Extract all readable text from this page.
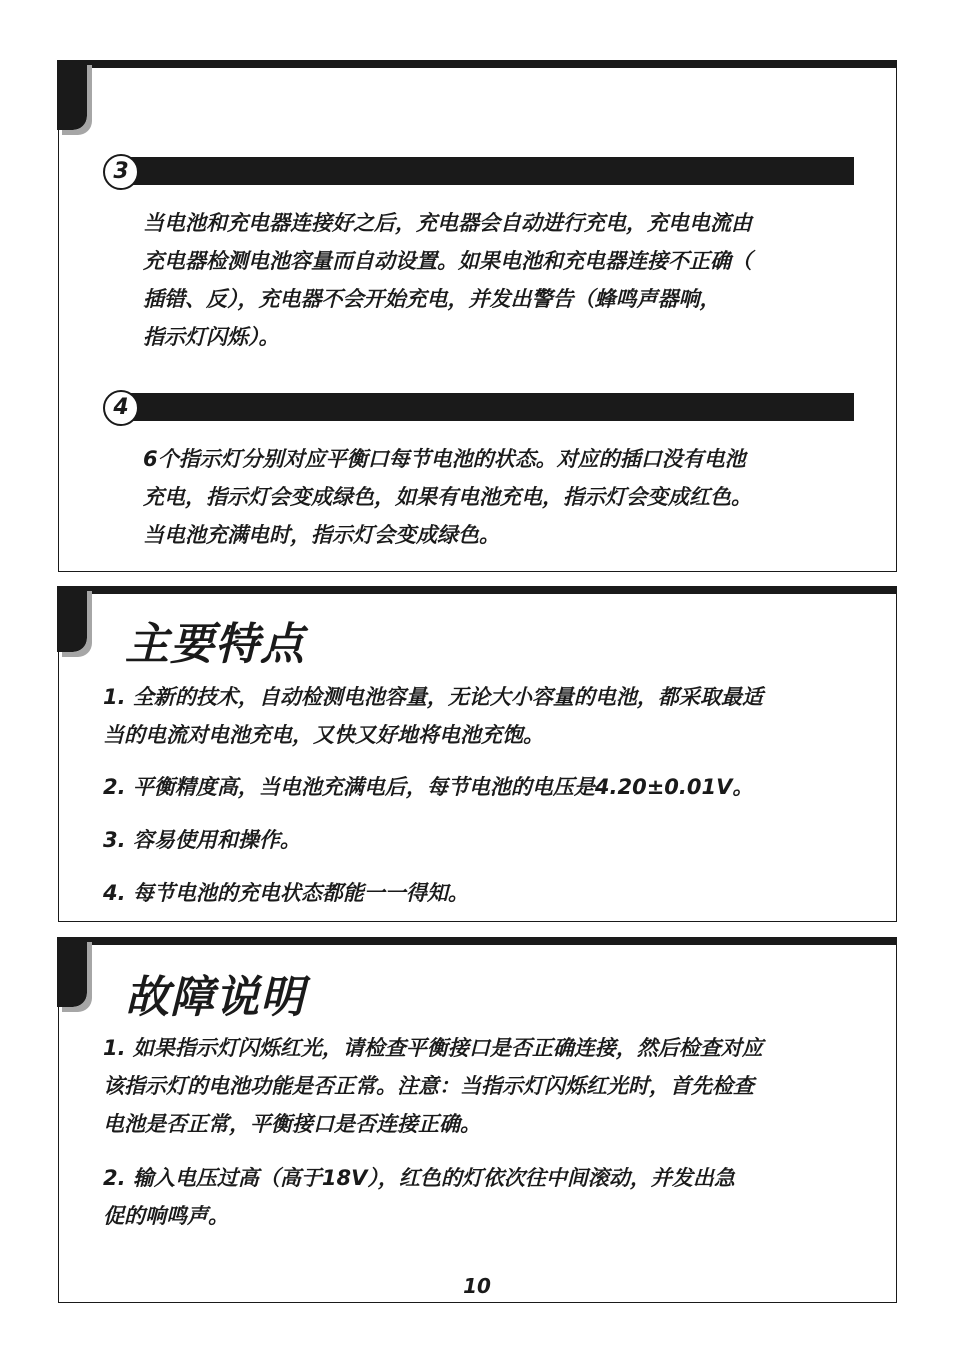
3
当电池和充电器连接好之后，充电器会自动进行充电，充电电流由
充电器检测电池容量而自动设置。如果电池和充电器连接不正确（
插错、反），充电器不会开始充电，并发出警告（蜂鸣声器响，
指示灯闪烁）。
4
6个指示灯分别对应平衡口每节电池的状态。对应的插口没有电池
充电，指示灯会变成绿色，如果有电池充电，指示灯会变成红色。
当电池充满电时，指示灯会变成绿色。
主要特点
1. 全新的技术，自动检测电池容量，无论大小容量的电池，都采取最适
当的电流对电池充电，又快又好地将电池充饱。
2. 平衡精度高，当电池充满电后，每节电池的电压是4.20±0.01V。
3. 容易使用和操作。
4. 每节电池的充电状态都能一一得知。
故障说明
1. 如果指示灯闪烁红光，请检查平衡接口是否正确连接，然后检查对应
该指示灯的电池功能是否正常。注意：当指示灯闪烁红光时，首先检查
电池是否正常，平衡接口是否连接正确。
2. 输入电压过高（高于18V），红色的灯依次往中间滚动，并发出急
促的响鸣声。
10
